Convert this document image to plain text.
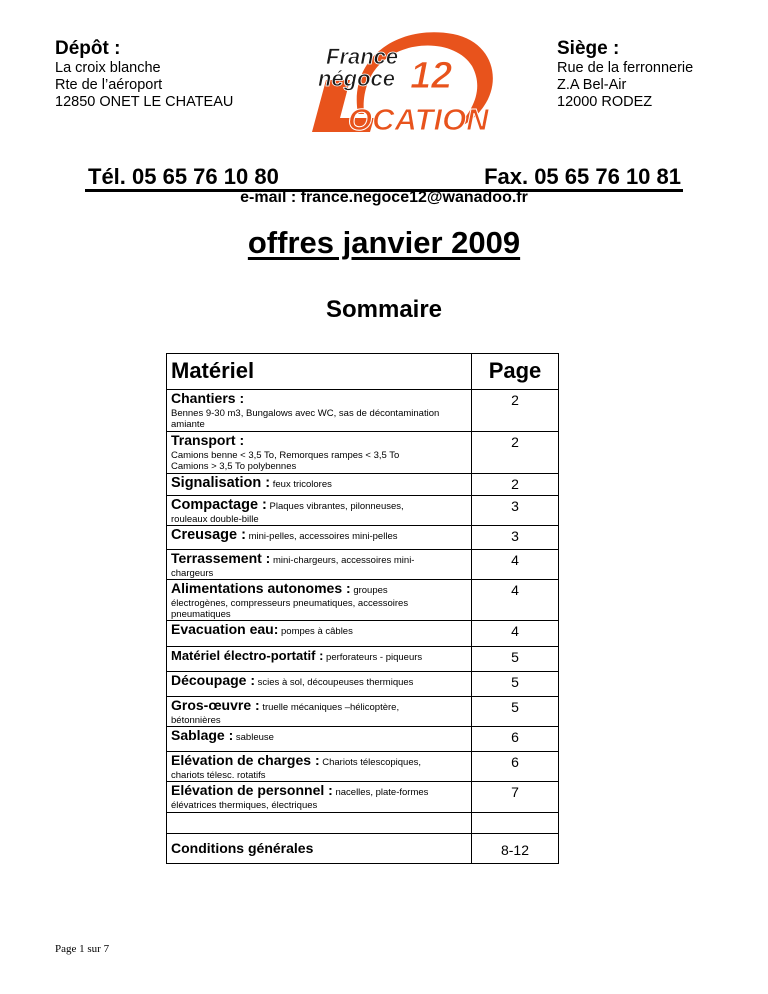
Dépôt :
La croix blanche
Rte de l’aéroport
12850 ONET LE CHATEAU
France
négoce 12
OCATION
Siège :
Rue de la ferronnerie
Z.A Bel-Air
12000 RODEZ
Tél. 05 65 76 10 80	Fax. 05 65 76 10 81
e-mail : france.negoce12@wanadoo.fr
offres janvier 2009
Sommaire
Matériel	Page
Chantiers :
Bennes 9-30 m3, Bungalows avec WC, sas de décontamination amiante	2
Transport :
Camions benne < 3,5 To, Remorques rampes < 3,5 To
Camions > 3,5 To polybennes	2
Signalisation : feux tricolores	2
Compactage : Plaques vibrantes, pilonneuses,
rouleaux double-bille	3
Creusage : mini-pelles, accessoires mini-pelles	3
Terrassement : mini-chargeurs, accessoires mini-
chargeurs	4
Alimentations autonomes : groupes
électrogènes, compresseurs pneumatiques, accessoires pneumatiques	4
Evacuation eau: pompes à câbles	4
Matériel électro-portatif : perforateurs - piqueurs	5
Découpage : scies à sol, découpeuses thermiques	5
Gros-œuvre : truelle mécaniques –hélicoptère,
bétonnières	5
Sablage : sableuse	6
Elévation de charges : Chariots télescopiques,
chariots télesc. rotatifs	6
Elévation de personnel : nacelles, plate-formes
élévatrices thermiques, électriques	7

Conditions générales	8-12
Page 1 sur 7
